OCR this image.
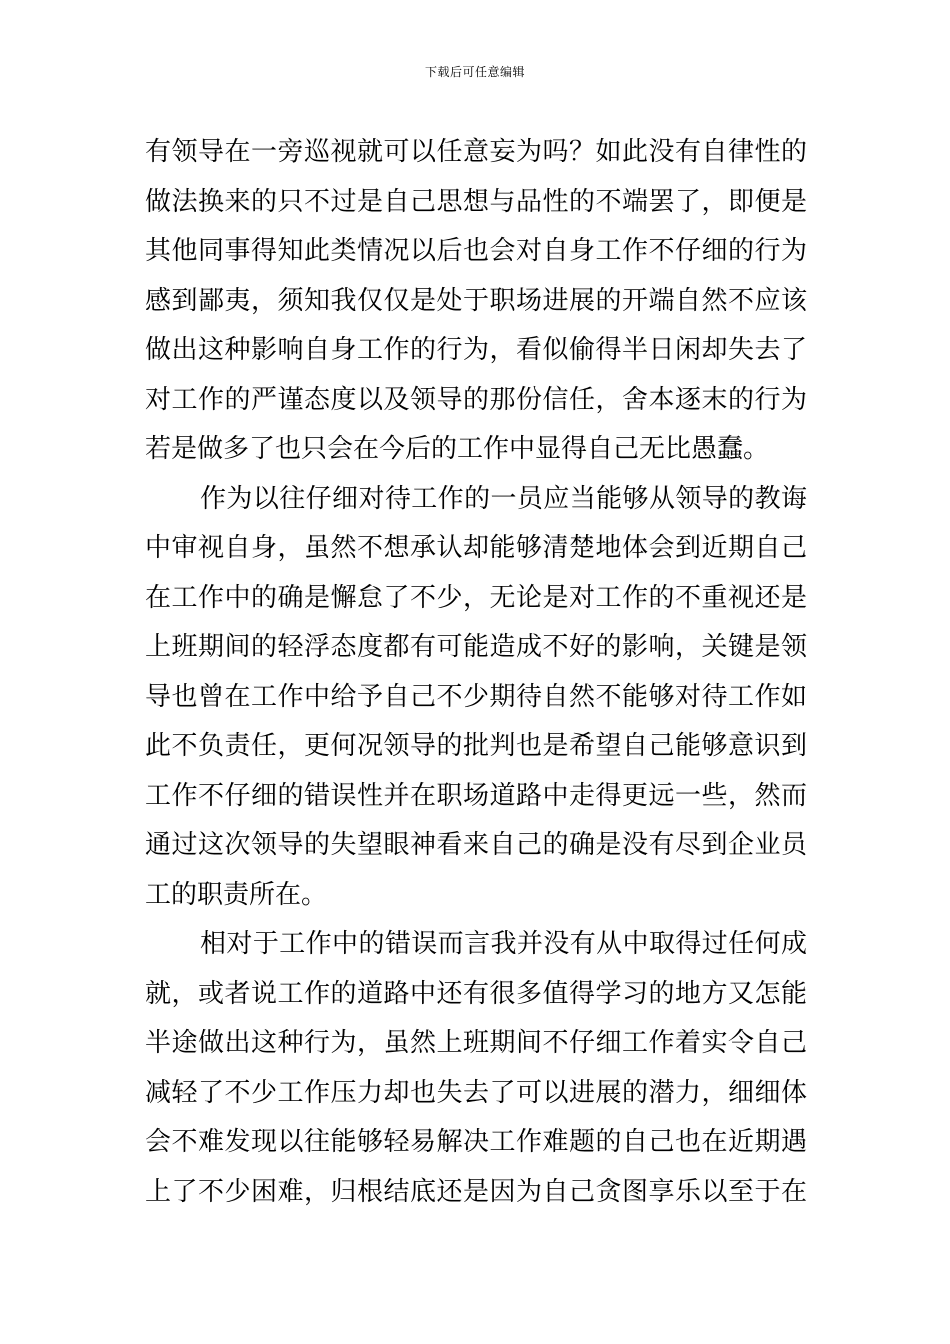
下载后可任意编辑
有领导在一旁巡视就可以任意妄为吗？如此没有自律性的
做法换来的只不过是自己思想与品性的不端罢了，即便是
其他同事得知此类情况以后也会对自身工作不仔细的行为
感到鄙夷，须知我仅仅是处于职场进展的开端自然不应该
做出这种影响自身工作的行为，看似偷得半日闲却失去了
对工作的严谨态度以及领导的那份信任，舍本逐末的行为
若是做多了也只会在今后的工作中显得自己无比愚蠢。
作为以往仔细对待工作的一员应当能够从领导的教诲
中审视自身，虽然不想承认却能够清楚地体会到近期自己
在工作中的确是懈怠了不少，无论是对工作的不重视还是
上班期间的轻浮态度都有可能造成不好的影响，关键是领
导也曾在工作中给予自己不少期待自然不能够对待工作如
此不负责任，更何况领导的批判也是希望自己能够意识到
工作不仔细的错误性并在职场道路中走得更远一些，然而
通过这次领导的失望眼神看来自己的确是没有尽到企业员
工的职责所在。
相对于工作中的错误而言我并没有从中取得过任何成
就，或者说工作的道路中还有很多值得学习的地方又怎能
半途做出这种行为，虽然上班期间不仔细工作着实令自己
减轻了不少工作压力却也失去了可以进展的潜力，细细体
会不难发现以往能够轻易解决工作难题的自己也在近期遇
上了不少困难，归根结底还是因为自己贪图享乐以至于在
